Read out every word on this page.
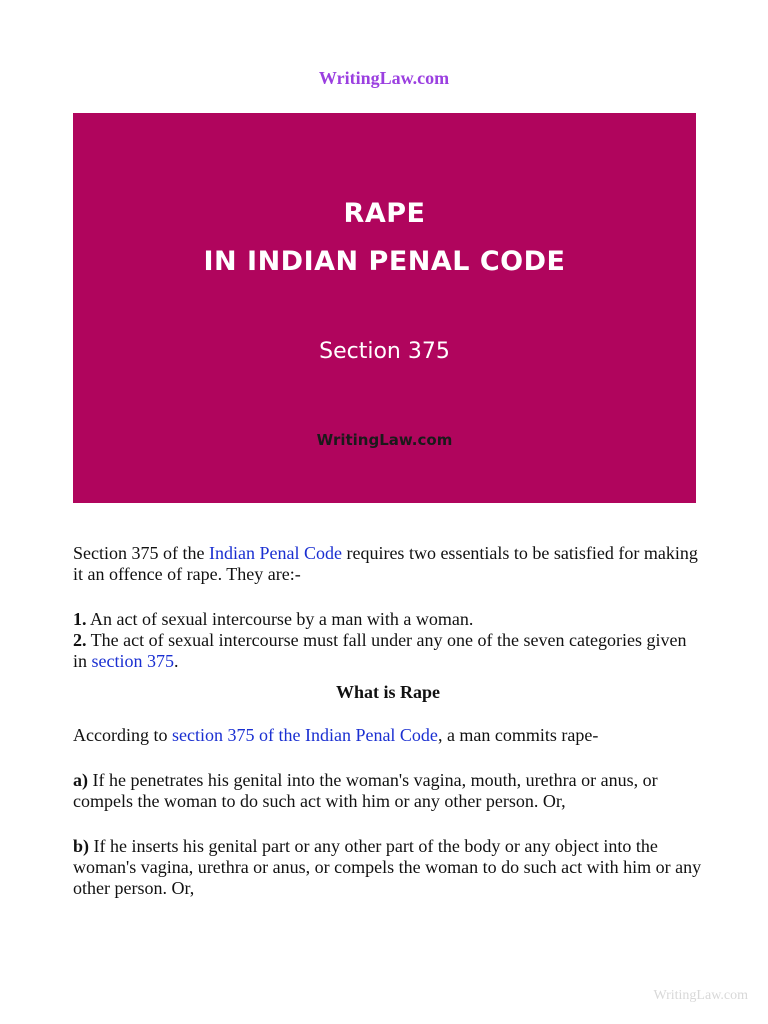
WritingLaw.com
RAPE
IN INDIAN PENAL CODE
Section 375
WritingLaw.com

Section 375 of the Indian Penal Code requires two essentials to be satisfied for making it an offence of rape. They are:-

1. An act of sexual intercourse by a man with a woman.
2. The act of sexual intercourse must fall under any one of the seven categories given in section 375.

What is Rape

According to section 375 of the Indian Penal Code, a man commits rape-

a) If he penetrates his genital into the woman's vagina, mouth, urethra or anus, or compels the woman to do such act with him or any other person. Or,

b) If he inserts his genital part or any other part of the body or any object into the woman's vagina, urethra or anus, or compels the woman to do such act with him or any other person. Or,

WritingLaw.com
